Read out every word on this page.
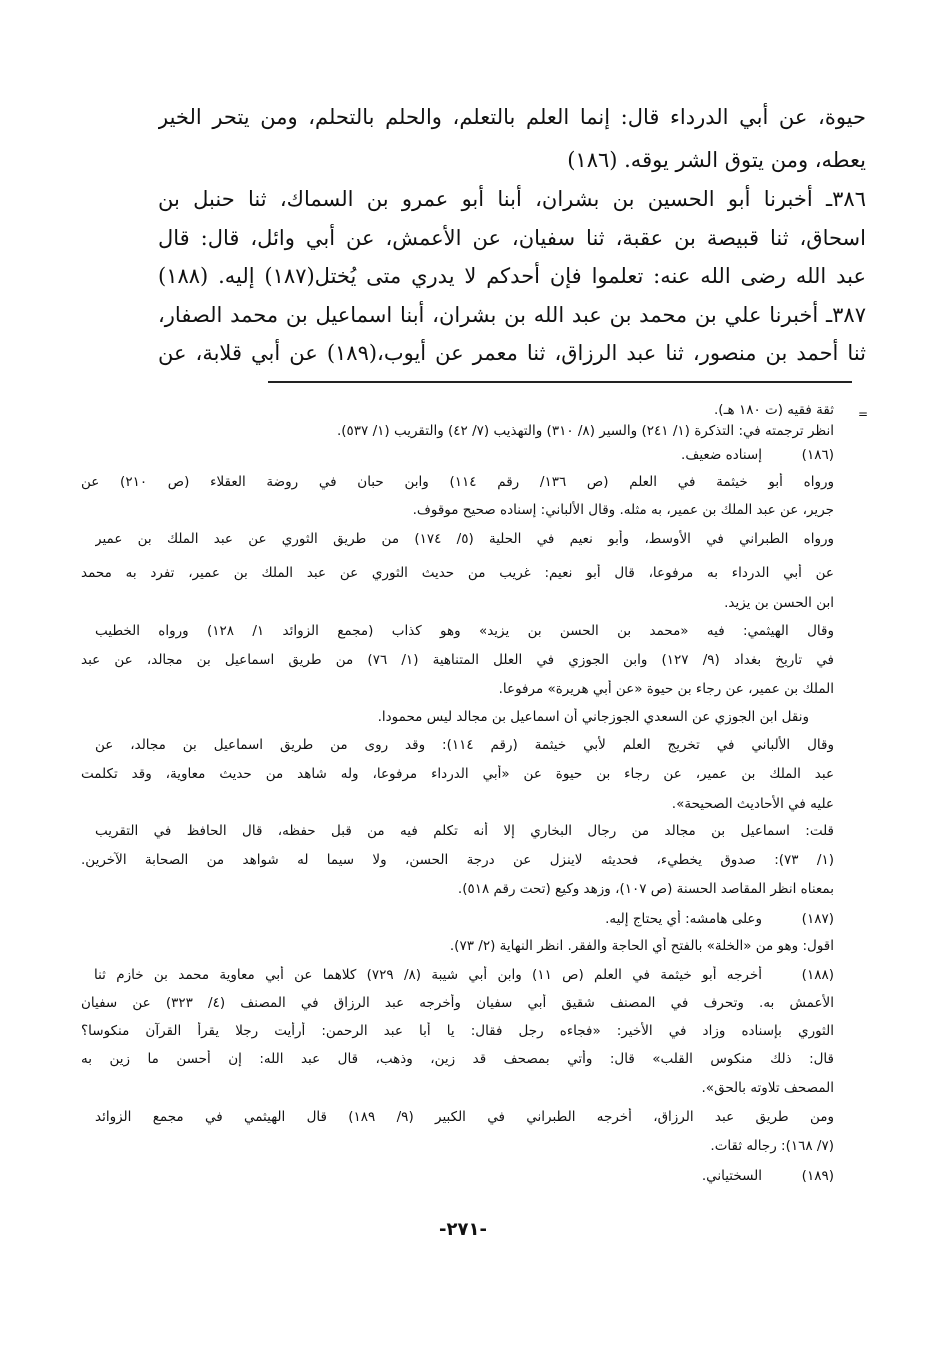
حيوة، عن أبي الدرداء قال: إنما العلم بالتعلم، والحلم بالتحلم، ومن يتحر الخير
يعطه، ومن يتوق الشر يوقه. (١٨٦)
٣٨٦ـ أخبرنا أبو الحسين بن بشران، أبنا أبو عمرو بن السماك، ثنا حنبل بن
اسحاق، ثنا قبيصة بن عقبة، ثنا سفيان، عن الأعمش، عن أبي وائل، قال: قال
عبد الله رضى الله عنه: تعلموا فإن أحدكم لا يدري متى يُختل(١٨٧) إليه. (١٨٨)
٣٨٧ـ أخبرنا علي بن محمد بن عبد الله بن بشران، أبنا اسماعيل بن محمد الصفار،
ثنا أحمد بن منصور، ثنا عبد الرزاق، ثنا معمر عن أيوب،(١٨٩) عن أبي قلابة، عن
=
ثقة فقيه (ت ١٨٠ هـ).
انظر ترجمته في: التذكرة (١/ ٢٤١) والسير (٨/ ٣١٠) والتهذيب (٧/ ٤٢) والتقريب (١/ ٥٣٧).
(١٨٦)
إسناده ضعيف.
ورواه أبو خيثمة في العلم (ص ١٣٦/ رقم ١١٤) وابن حبان في روضة العقلاء (ص ٢١٠) عن
جرير، عن عبد الملك بن عمير، به مثله. وقال الألباني: إسناده صحيح موقوف.
ورواه الطبراني في الأوسط، وأبو نعيم في الحلية (٥/ ١٧٤) من طريق الثوري عن عبد الملك بن عمير
عن أبي الدرداء به مرفوعا، قال أبو نعيم: غريب من حديث الثوري عن عبد الملك بن عمير، تفرد به محمد
ابن الحسن بن يزيد.
وقال الهيثمي: فيه «محمد بن الحسن بن يزيد» وهو كذاب (مجمع الزوائد ١/ ١٢٨) ورواه الخطيب
في تاريخ بغداد (٩/ ١٢٧) وابن الجوزي في العلل المتناهية (١/ ٧٦) من طريق اسماعيل بن مجالد، عن عبد
الملك بن عمير، عن رجاء بن حيوة «عن أبي هريرة» مرفوعا.
ونقل ابن الجوزي عن السعدي الجوزجاني أن اسماعيل بن مجالد ليس محمودا.
وقال الألباني في تخريج العلم لأبي خيثمة (رقم ١١٤): وقد روى من طريق اسماعيل بن مجالد، عن
عبد الملك بن عمير، عن رجاء بن حيوة عن «أبي الدرداء مرفوعا، وله شاهد من حديث معاوية، وقد تكلمت
عليه في الأحاديث الصحيحة».
قلت: اسماعيل بن مجالد من رجال البخاري إلا أنه تكلم فيه من قبل حفظه، قال الحافظ في التقريب
(١/ ٧٣): صدوق يخطيء، فحديثه لاينزل عن درجة الحسن، ولا سيما له شواهد من الصحابة الآخرين.
بمعناه انظر المقاصد الحسنة (ص ١٠٧)، وزهد وكيع (تحت رقم ٥١٨).
(١٨٧)
وعلى هامشه: أي يحتاج إليه.
اقول: وهو من «الخلة» بالفتح أي الحاجة والفقر. انظر النهاية (٢/ ٧٣).
(١٨٨)
أخرجه أبو خيثمة في العلم (ص ١١) وابن أبي شيبة (٨/ ٧٢٩) كلاهما عن أبي معاوية محمد بن خازم ثنا
الأعمش به. وتحرف في المصنف شقيق أبي سفيان وأخرجه عبد الرزاق في المصنف (٤/ ٣٢٣) عن سفيان
الثوري بإسناده وزاد في الأخير: «فجاءه رجل فقال: يا أبا عبد الرحمن: أرأيت رجلا يقرأ القرآن منكوسا؟
قال: ذلك منكوس القلب» قال: وأتي بمصحف قد زين، وذهب، قال عبد الله: إن أحسن ما زين به
المصحف تلاوته بالحق».
ومن طريق عبد الرزاق، أخرجه الطبراني في الكبير (٩/ ١٨٩) قال الهيثمي في مجمع الزوائد
(٧/ ١٦٨): رجاله ثقات.
(١٨٩)
السختياني.
-٢٧١-
